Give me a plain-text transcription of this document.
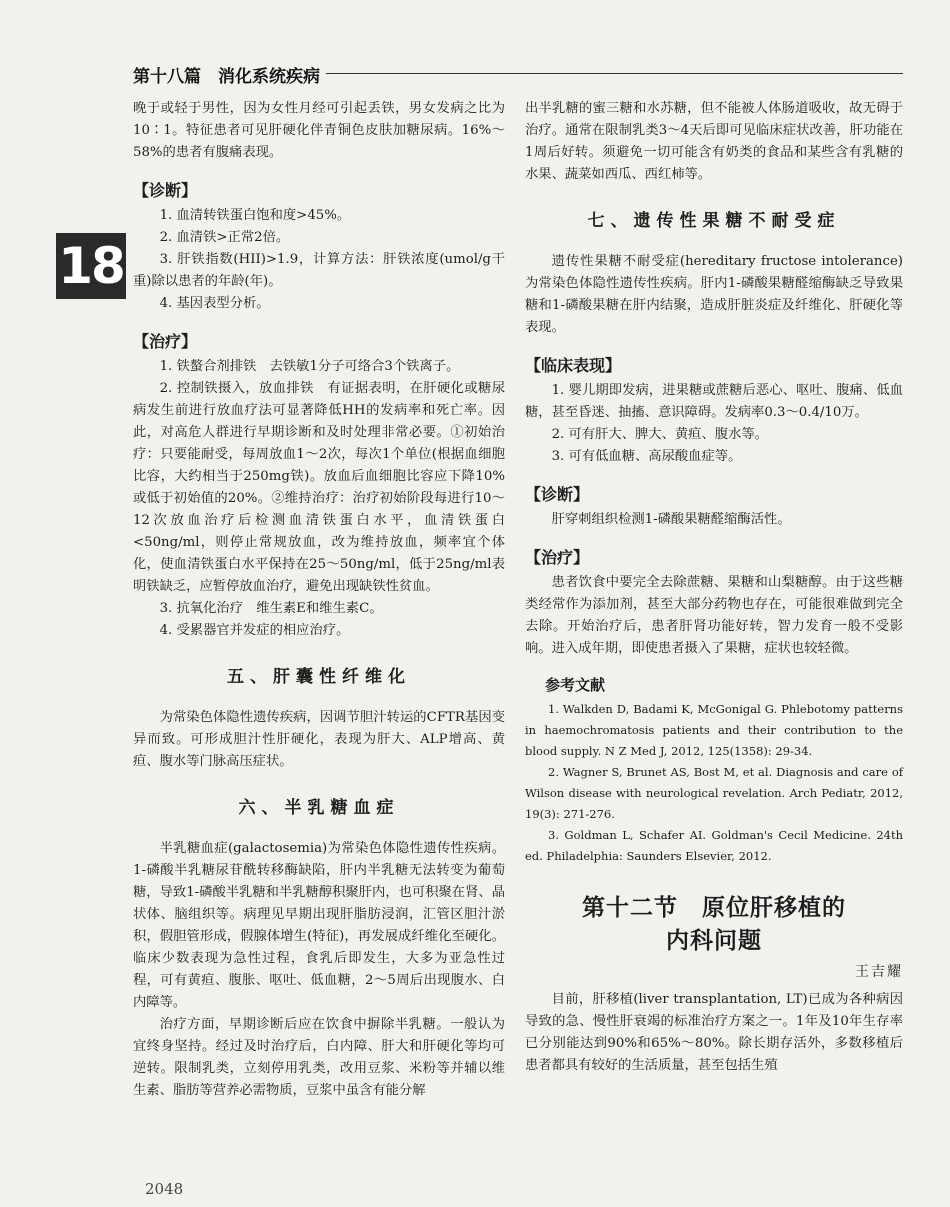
第十八篇　消化系统疾病
18

晚于或轻于男性，因为女性月经可引起丢铁，男女发病之比为10∶1。特征患者可见肝硬化伴青铜色皮肤加糖尿病。16%～58%的患者有腹痛表现。

【诊断】

1. 血清转铁蛋白饱和度>45%。

2. 血清铁>正常2倍。

3. 肝铁指数(HII)>1.9，计算方法：肝铁浓度(umol/g干重)除以患者的年龄(年)。

4. 基因表型分析。

【治疗】

1. 铁螯合剂排铁　去铁敏1分子可络合3个铁离子。

2. 控制铁摄入，放血排铁　有证据表明，在肝硬化或糖尿病发生前进行放血疗法可显著降低HH的发病率和死亡率。因此，对高危人群进行早期诊断和及时处理非常必要。①初始治疗：只要能耐受，每周放血1～2次，每次1个单位(根据血细胞比容，大约相当于250mg铁)。放血后血细胞比容应下降10%或低于初始值的20%。②维持治疗：治疗初始阶段每进行10～12次放血治疗后检测血清铁蛋白水平，血清铁蛋白<50ng/ml，则停止常规放血，改为维持放血，频率宜个体化，使血清铁蛋白水平保持在25～50ng/ml，低于25ng/ml表明铁缺乏，应暂停放血治疗，避免出现缺铁性贫血。

3. 抗氧化治疗　维生素E和维生素C。

4. 受累器官并发症的相应治疗。

五、肝囊性纤维化

为常染色体隐性遗传疾病，因调节胆汁转运的CFTR基因变异而致。可形成胆汁性肝硬化，表现为肝大、ALP增高、黄疸、腹水等门脉高压症状。

六、半乳糖血症

半乳糖血症(galactosemia)为常染色体隐性遗传性疾病。1-磷酸半乳糖尿苷酰转移酶缺陷，肝内半乳糖无法转变为葡萄糖，导致1-磷酸半乳糖和半乳糖醇积聚肝内，也可积聚在肾、晶状体、脑组织等。病理见早期出现肝脂肪浸润，汇管区胆汁淤积，假胆管形成，假腺体增生(特征)，再发展成纤维化至硬化。临床少数表现为急性过程，食乳后即发生，大多为亚急性过程，可有黄疸、腹胀、呕吐、低血糖，2～5周后出现腹水、白内障等。

治疗方面，早期诊断后应在饮食中摒除半乳糖。一般认为宜终身坚持。经过及时治疗后，白内障、肝大和肝硬化等均可逆转。限制乳类，立刻停用乳类，改用豆浆、米粉等并辅以维生素、脂肪等营养必需物质，豆浆中虽含有能分解

出半乳糖的蜜三糖和水苏糖，但不能被人体肠道吸收，故无碍于治疗。通常在限制乳类3～4天后即可见临床症状改善，肝功能在1周后好转。须避免一切可能含有奶类的食品和某些含有乳糖的水果、蔬菜如西瓜、西红柿等。

七、遗传性果糖不耐受症

遗传性果糖不耐受症(hereditary fructose intolerance)为常染色体隐性遗传性疾病。肝内1-磷酸果糖醛缩酶缺乏导致果糖和1-磷酸果糖在肝内结聚，造成肝脏炎症及纤维化、肝硬化等表现。

【临床表现】

1. 婴儿期即发病，进果糖或蔗糖后恶心、呕吐、腹痛、低血糖，甚至昏迷、抽搐、意识障碍。发病率0.3～0.4/10万。

2. 可有肝大、脾大、黄疸、腹水等。

3. 可有低血糖、高尿酸血症等。

【诊断】

肝穿刺组织检测1-磷酸果糖醛缩酶活性。

【治疗】

患者饮食中要完全去除蔗糖、果糖和山梨糖醇。由于这些糖类经常作为添加剂，甚至大部分药物也存在，可能很难做到完全去除。开始治疗后，患者肝肾功能好转，智力发育一般不受影响。进入成年期，即使患者摄入了果糖，症状也较轻微。

参考文献

1. Walkden D, Badami K, McGonigal G. Phlebotomy patterns in haemochromatosis patients and their contribution to the blood supply. N Z Med J, 2012, 125(1358): 29-34.

2. Wagner S, Brunet AS, Bost M, et al. Diagnosis and care of Wilson disease with neurological revelation. Arch Pediatr, 2012, 19(3): 271-276.

3. Goldman L, Schafer AI. Goldman's Cecil Medicine. 24th ed. Philadelphia: Saunders Elsevier, 2012.

第十二节　原位肝移植的
内科问题
王吉耀

目前，肝移植(liver transplantation, LT)已成为各种病因导致的急、慢性肝衰竭的标准治疗方案之一。1年及10年生存率已分别能达到90%和65%～80%。除长期存活外，多数移植后患者都具有较好的生活质量，甚至包括生殖

2048
